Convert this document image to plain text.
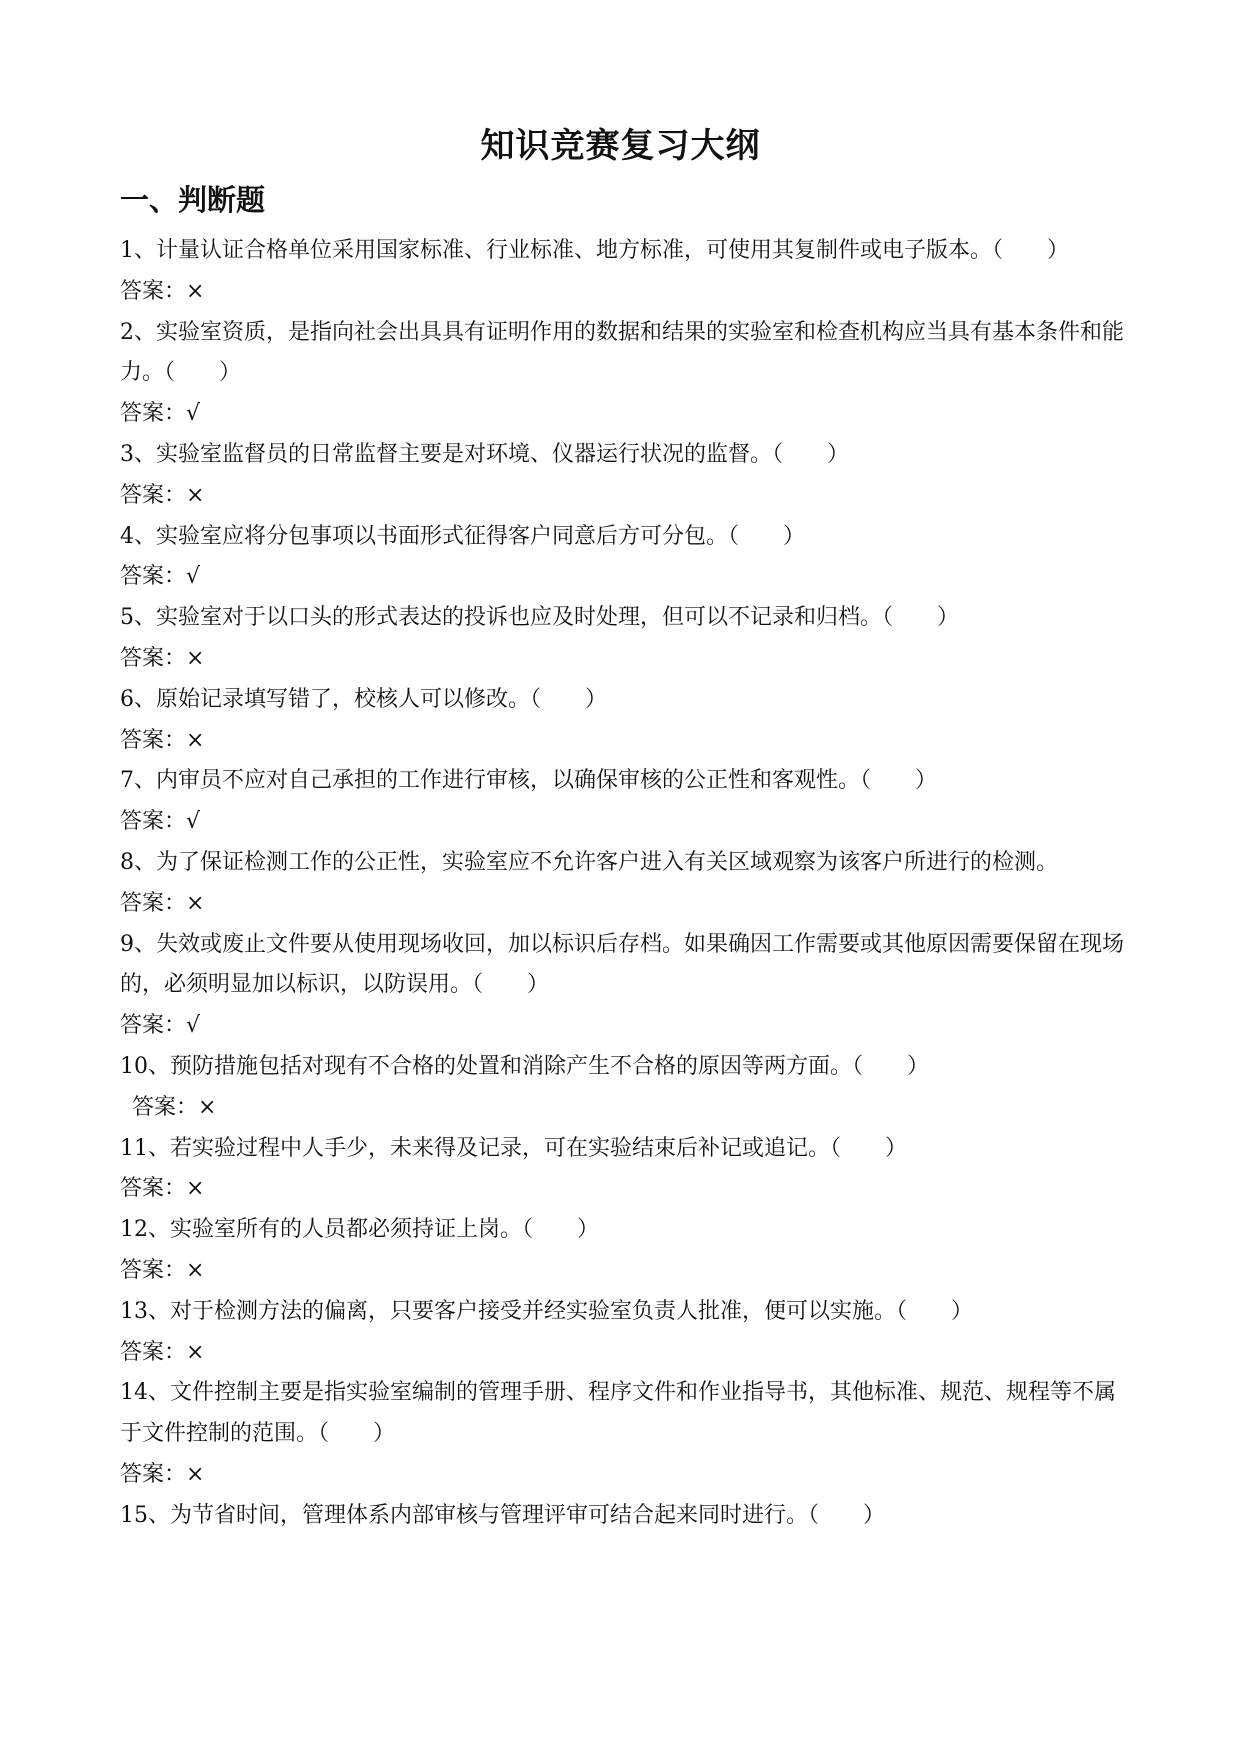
知识竞赛复习大纲
一、判断题

1、计量认证合格单位采用国家标准、行业标准、地方标准，可使用其复制件或电子版本。（　　）

答案：×

2、实验室资质，是指向社会出具具有证明作用的数据和结果的实验室和检查机构应当具有基本条件和能力。（　　）

答案：√

3、实验室监督员的日常监督主要是对环境、仪器运行状况的监督。（　　）

答案：×

4、实验室应将分包事项以书面形式征得客户同意后方可分包。（　　）

答案：√

5、实验室对于以口头的形式表达的投诉也应及时处理，但可以不记录和归档。（　　）

答案：×

6、原始记录填写错了，校核人可以修改。（　　）

答案：×

7、内审员不应对自己承担的工作进行审核，以确保审核的公正性和客观性。（　　）

答案：√

8、为了保证检测工作的公正性，实验室应不允许客户进入有关区域观察为该客户所进行的检测。

答案：×

9、失效或废止文件要从使用现场收回，加以标识后存档。如果确因工作需要或其他原因需要保留在现场的，必须明显加以标识，以防误用。（　　）

答案：√

10、预防措施包括对现有不合格的处置和消除产生不合格的原因等两方面。（　　）

答案：×

11、若实验过程中人手少，未来得及记录，可在实验结束后补记或追记。（　　）

答案：×

12、实验室所有的人员都必须持证上岗。（　　）

答案：×

13、对于检测方法的偏离，只要客户接受并经实验室负责人批准，便可以实施。（　　）

答案：×

14、文件控制主要是指实验室编制的管理手册、程序文件和作业指导书，其他标准、规范、规程等不属于文件控制的范围。（　　）

答案：×

15、为节省时间，管理体系内部审核与管理评审可结合起来同时进行。（　　）
